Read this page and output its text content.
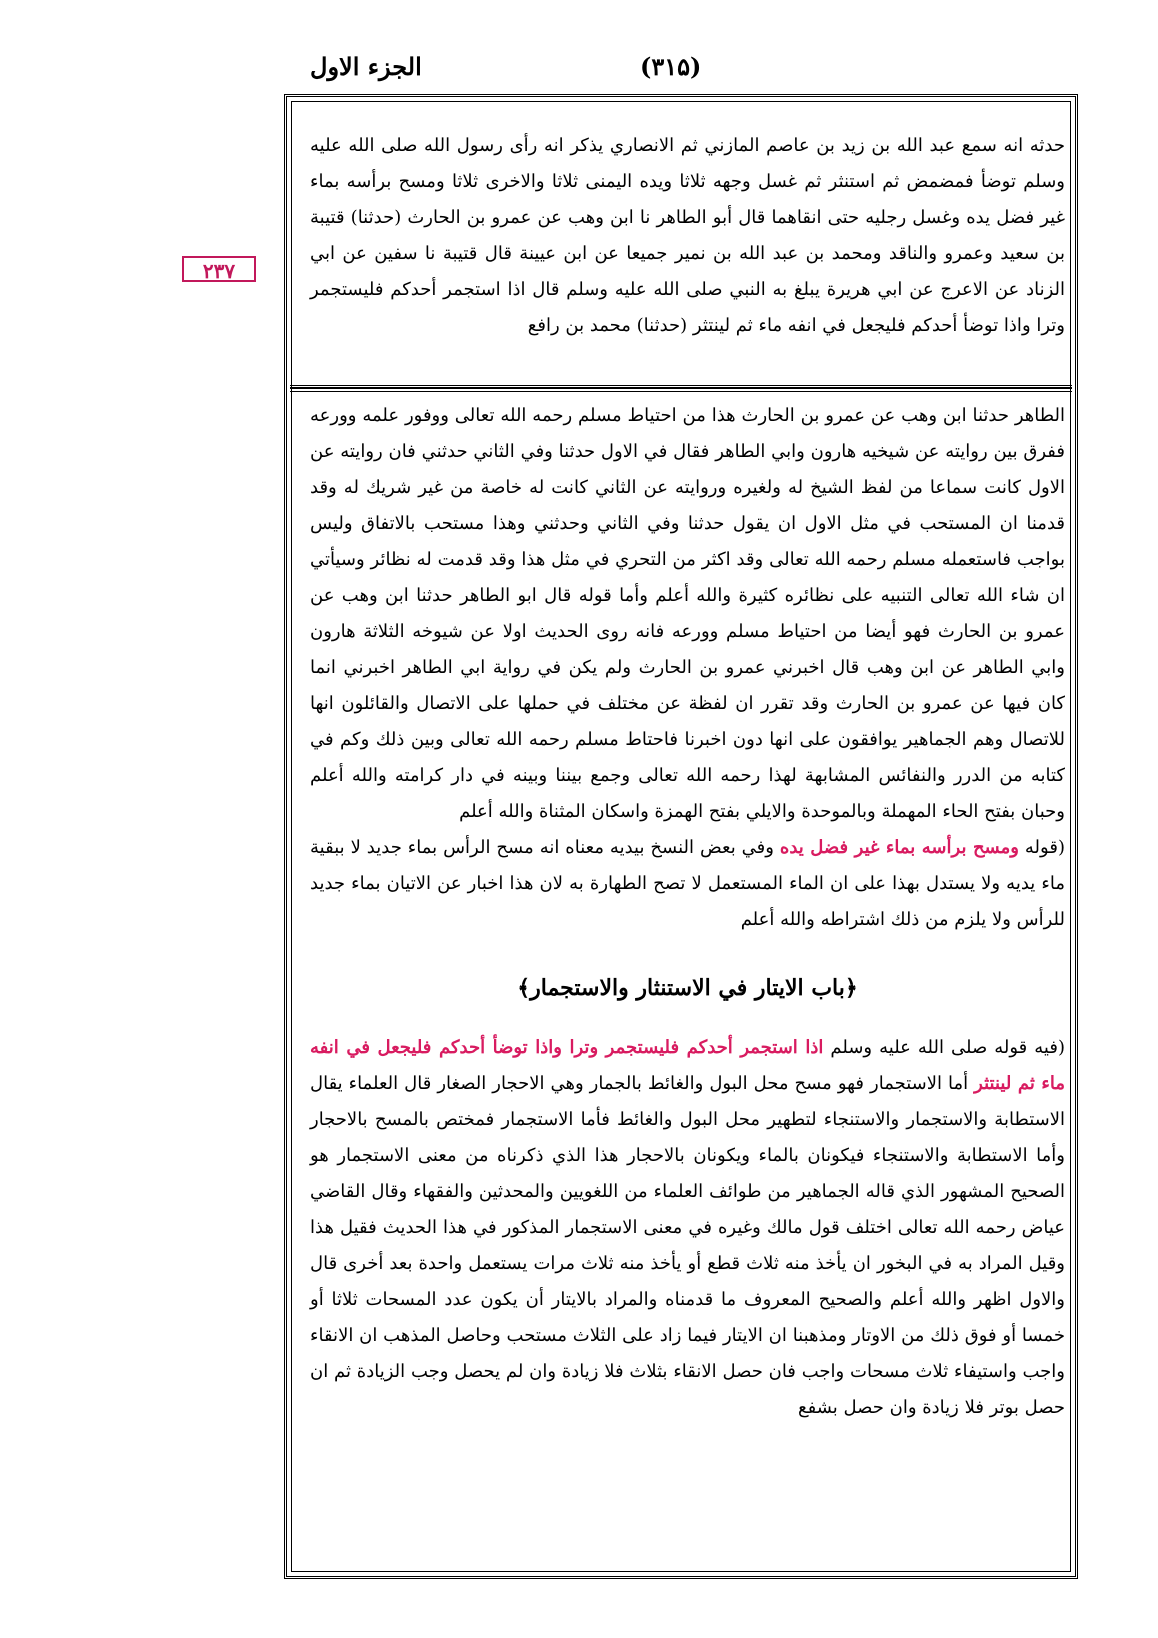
الجزء الاول	(۳۱۵)
۲۳۷

حدثه انه سمع عبد الله بن زيد بن عاصم المازني ثم الانصاري يذكر انه رأى رسول الله صلى الله عليه وسلم توضأ فمضمض ثم استنثر ثم غسل وجهه ثلاثا ويده اليمنى ثلاثا والاخرى ثلاثا ومسح برأسه بماء غير فضل يده وغسل رجليه حتى انقاهما قال أبو الطاهر نا ابن وهب عن عمرو بن الحارث (حدثنا) قتيبة بن سعيد وعمرو والناقد ومحمد بن عبد الله بن نمير جميعا عن ابن عيينة قال قتيبة نا سفين عن ابي الزناد عن الاعرج عن ابي هريرة يبلغ به النبي صلى الله عليه وسلم قال اذا استجمر أحدكم فليستجمر وترا واذا توضأ أحدكم فليجعل في انفه ماء ثم لينتثر (حدثنا) محمد بن رافع

الطاهر حدثنا ابن وهب عن عمرو بن الحارث هذا من احتياط مسلم رحمه الله تعالى ووفور علمه وورعه ففرق بين روايته عن شيخيه هارون وابي الطاهر فقال في الاول حدثنا وفي الثاني حدثني فان روايته عن الاول كانت سماعا من لفظ الشيخ له ولغيره وروايته عن الثاني كانت له خاصة من غير شريك له وقد قدمنا ان المستحب في مثل الاول ان يقول حدثنا وفي الثاني وحدثني وهذا مستحب بالاتفاق وليس بواجب فاستعمله مسلم رحمه الله تعالى وقد اكثر من التحري في مثل هذا وقد قدمت له نظائر وسيأتي ان شاء الله تعالى التنبيه على نظائره كثيرة والله أعلم وأما قوله قال ابو الطاهر حدثنا ابن وهب عن عمرو بن الحارث فهو أيضا من احتياط مسلم وورعه فانه روى الحديث اولا عن شيوخه الثلاثة هارون وابي الطاهر عن ابن وهب قال اخبرني عمرو بن الحارث ولم يكن في رواية ابي الطاهر اخبرني انما كان فيها عن عمرو بن الحارث وقد تقرر ان لفظة عن مختلف في حملها على الاتصال والقائلون انها للاتصال وهم الجماهير يوافقون على انها دون اخبرنا فاحتاط مسلم رحمه الله تعالى وبين ذلك وكم في كتابه من الدرر والنفائس المشابهة لهذا رحمه الله تعالى وجمع بيننا وبينه في دار كرامته والله أعلم وحبان بفتح الحاء المهملة وبالموحدة والايلي بفتح الهمزة واسكان المثناة والله أعلم

(قوله ومسح برأسه بماء غير فضل يده وفي بعض النسخ بيديه معناه انه مسح الرأس بماء جديد لا ببقية ماء يديه ولا يستدل بهذا على ان الماء المستعمل لا تصح الطهارة به لان هذا اخبار عن الاتيان بماء جديد للرأس ولا يلزم من ذلك اشتراطه والله أعلم

﴿باب الايتار في الاستنثار والاستجمار﴾

(فيه قوله صلى الله عليه وسلم اذا استجمر أحدكم فليستجمر وترا واذا توضأ أحدكم فليجعل في انفه ماء ثم لينتثر أما الاستجمار فهو مسح محل البول والغائط بالجمار وهي الاحجار الصغار قال العلماء يقال الاستطابة والاستجمار والاستنجاء لتطهير محل البول والغائط فأما الاستجمار فمختص بالمسح بالاحجار وأما الاستطابة والاستنجاء فيكونان بالماء ويكونان بالاحجار هذا الذي ذكرناه من معنى الاستجمار هو الصحيح المشهور الذي قاله الجماهير من طوائف العلماء من اللغويين والمحدثين والفقهاء وقال القاضي عياض رحمه الله تعالى اختلف قول مالك وغيره في معنى الاستجمار المذكور في هذا الحديث فقيل هذا وقيل المراد به في البخور ان يأخذ منه ثلاث قطع أو يأخذ منه ثلاث مرات يستعمل واحدة بعد أخرى قال والاول اظهر والله أعلم والصحيح المعروف ما قدمناه والمراد بالايتار أن يكون عدد المسحات ثلاثا أو خمسا أو فوق ذلك من الاوتار ومذهبنا ان الايتار فيما زاد على الثلاث مستحب وحاصل المذهب ان الانقاء واجب واستيفاء ثلاث مسحات واجب فان حصل الانقاء بثلاث فلا زيادة وان لم يحصل وجب الزيادة ثم ان حصل بوتر فلا زيادة وان حصل بشفع
